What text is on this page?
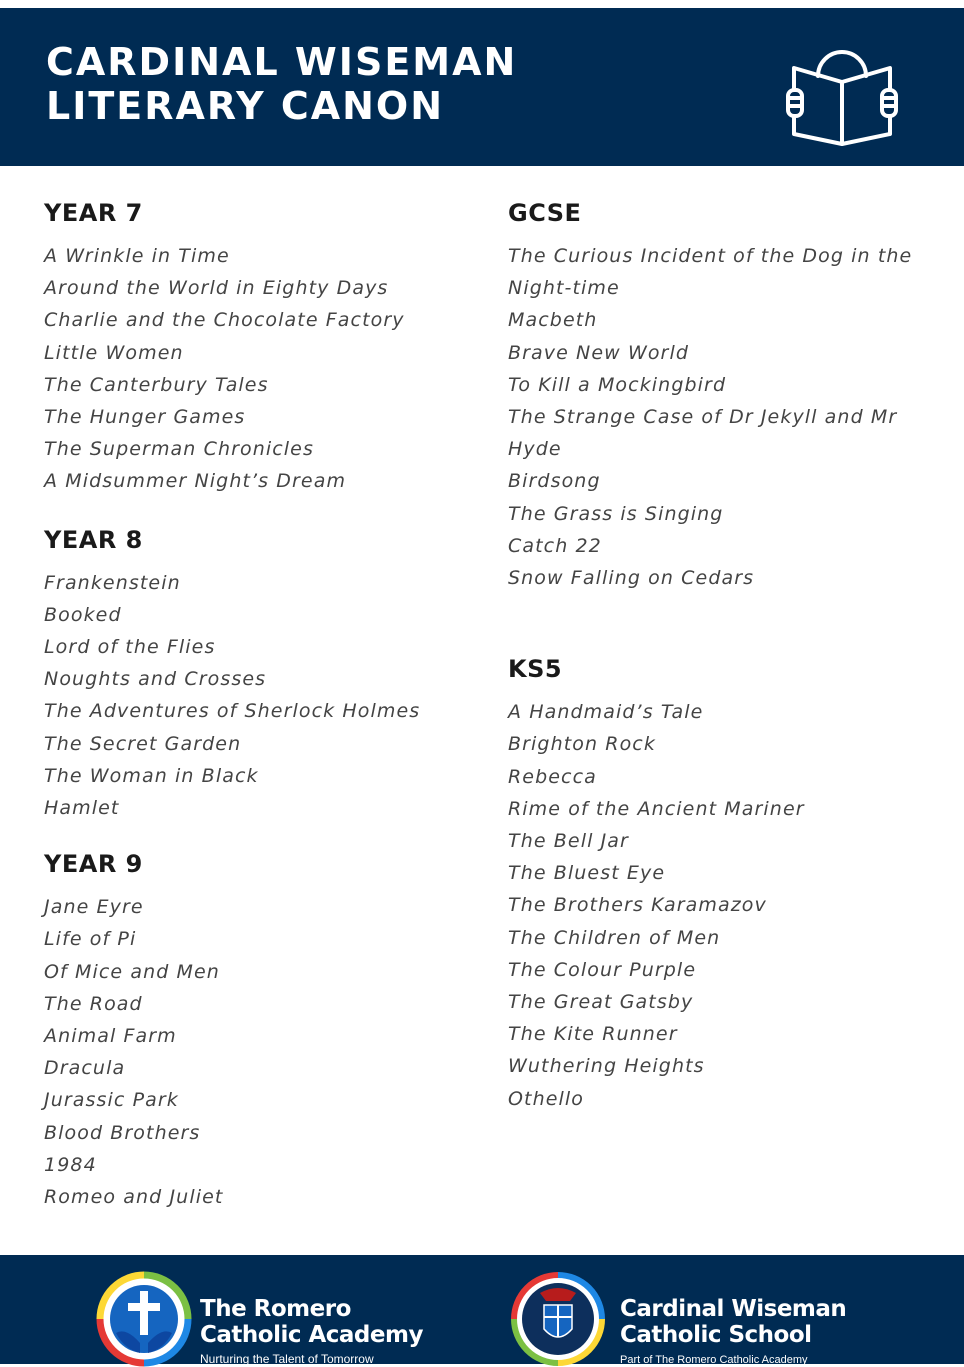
CARDINAL WISEMAN LITERARY CANON
YEAR 7
A Wrinkle in Time
Around the World in Eighty Days
Charlie and the Chocolate Factory
Little Women
The Canterbury Tales
The Hunger Games
The Superman Chronicles
A Midsummer Night’s Dream
YEAR 8
Frankenstein
Booked
Lord of the Flies
Noughts and Crosses
The Adventures of Sherlock Holmes
The Secret Garden
The Woman in Black
Hamlet
YEAR 9
Jane Eyre
Life of Pi
Of Mice and Men
The Road
Animal Farm
Dracula
Jurassic Park
Blood Brothers
1984
Romeo and Juliet
GCSE
The Curious Incident of the Dog in the Night-time
Macbeth
Brave New World
To Kill a Mockingbird
The Strange Case of Dr Jekyll and Mr Hyde
Birdsong
The Grass is Singing
Catch 22
Snow Falling on Cedars
KS5
A Handmaid’s Tale
Brighton Rock
Rebecca
Rime of the Ancient Mariner
The Bell Jar
The Bluest Eye
The Brothers Karamazov
The Children of Men
The Colour Purple
The Great Gatsby
The Kite Runner
Wuthering Heights
Othello
The Romero
Catholic Academy
Nurturing the Talent of Tomorrow
Cardinal Wiseman
Catholic School
Part of The Romero Catholic Academy
